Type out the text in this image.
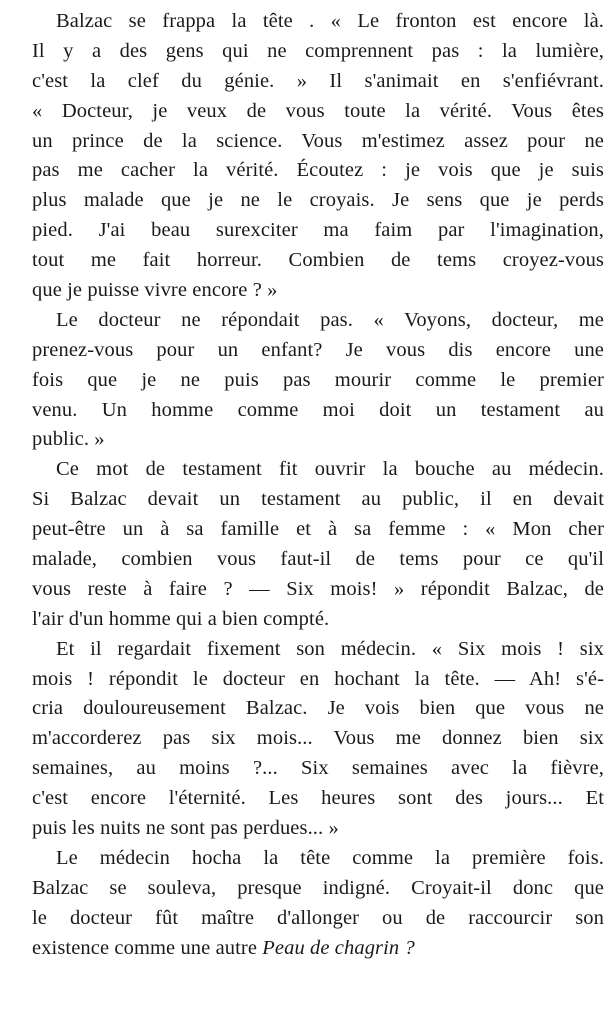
Balzac se frappa la tête . « Le fronton est encore là.
Il y a des gens qui ne comprennent pas : la lumière,
c'est la clef du génie. » Il s'animait en s'enfiévrant.
« Docteur, je veux de vous toute la vérité. Vous êtes
un prince de la science. Vous m'estimez assez pour ne
pas me cacher la vérité. Écoutez : je vois que je suis
plus malade que je ne le croyais. Je sens que je perds
pied. J'ai beau surexciter ma faim par l'imagination,
tout me fait horreur. Combien de tems croyez-vous
que je puisse vivre encore ? »
Le docteur ne répondait pas. « Voyons, docteur, me
prenez-vous pour un enfant? Je vous dis encore une
fois que je ne puis pas mourir comme le premier
venu. Un homme comme moi doit un testament au
public. »
Ce mot de testament fit ouvrir la bouche au médecin.
Si Balzac devait un testament au public, il en devait
peut-être un à sa famille et à sa femme : « Mon cher
malade, combien vous faut-il de tems pour ce qu'il
vous reste à faire ? — Six mois! » répondit Balzac, de
l'air d'un homme qui a bien compté.
Et il regardait fixement son médecin. « Six mois ! six
mois ! répondit le docteur en hochant la tête. — Ah! s'é-
cria douloureusement Balzac. Je vois bien que vous ne
m'accorderez pas six mois... Vous me donnez bien six
semaines, au moins ?... Six semaines avec la fièvre,
c'est encore l'éternité. Les heures sont des jours... Et
puis les nuits ne sont pas perdues... »
Le médecin hocha la tête comme la première fois.
Balzac se souleva, presque indigné. Croyait-il donc que
le docteur fût maître d'allonger ou de raccourcir son
existence comme une autre Peau de chagrin ?
